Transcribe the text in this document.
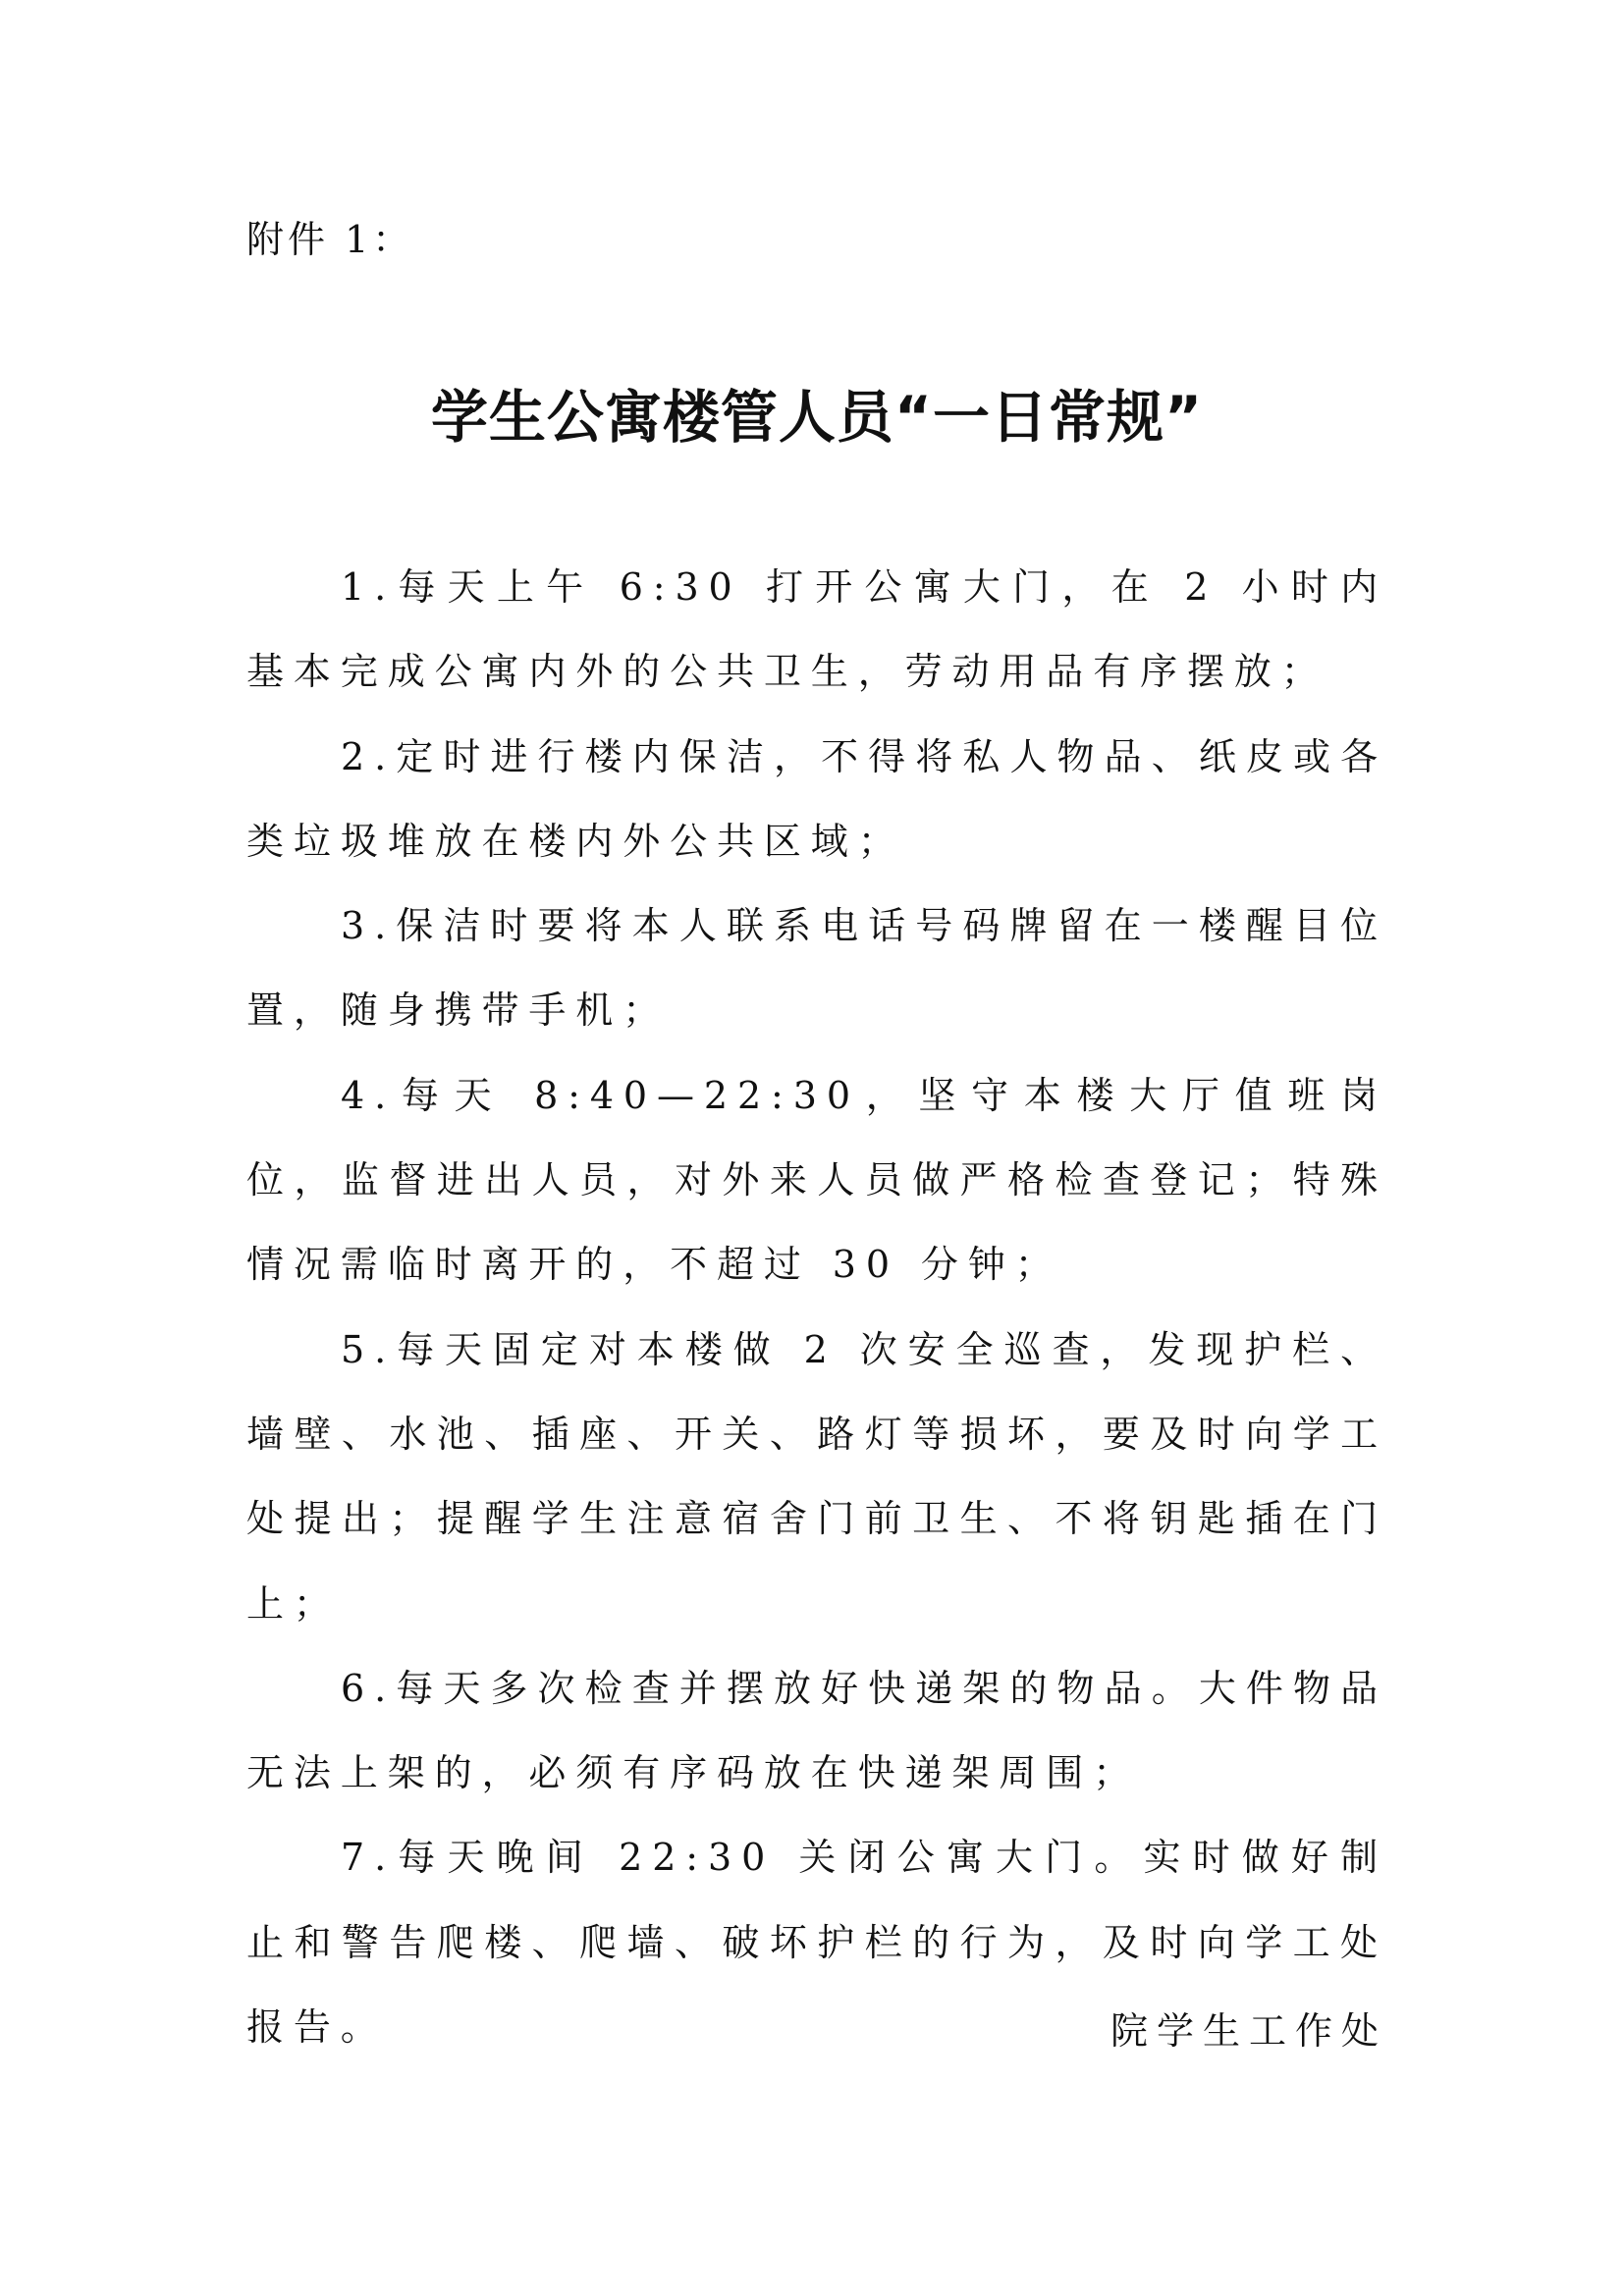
附件 1：
学生公寓楼管人员“一日常规”

1.每天上午 6:30 打开公寓大门，在 2 小时内基本完成公寓内外的公共卫生，劳动用品有序摆放；

2.定时进行楼内保洁，不得将私人物品、纸皮或各类垃圾堆放在楼内外公共区域；

3.保洁时要将本人联系电话号码牌留在一楼醒目位置，随身携带手机；

4.每天 8:40—22:30，坚守本楼大厅值班岗位，监督进出人员，对外来人员做严格检查登记；特殊情况需临时离开的，不超过 30 分钟；

5.每天固定对本楼做 2 次安全巡查，发现护栏、墙壁、水池、插座、开关、路灯等损坏，要及时向学工处提出；提醒学生注意宿舍门前卫生、不将钥匙插在门上；

6.每天多次检查并摆放好快递架的物品。大件物品无法上架的，必须有序码放在快递架周围；

7.每天晚间 22:30 关闭公寓大门。实时做好制止和警告爬楼、爬墙、破坏护栏的行为，及时向学工处报告。	院学生工作处
